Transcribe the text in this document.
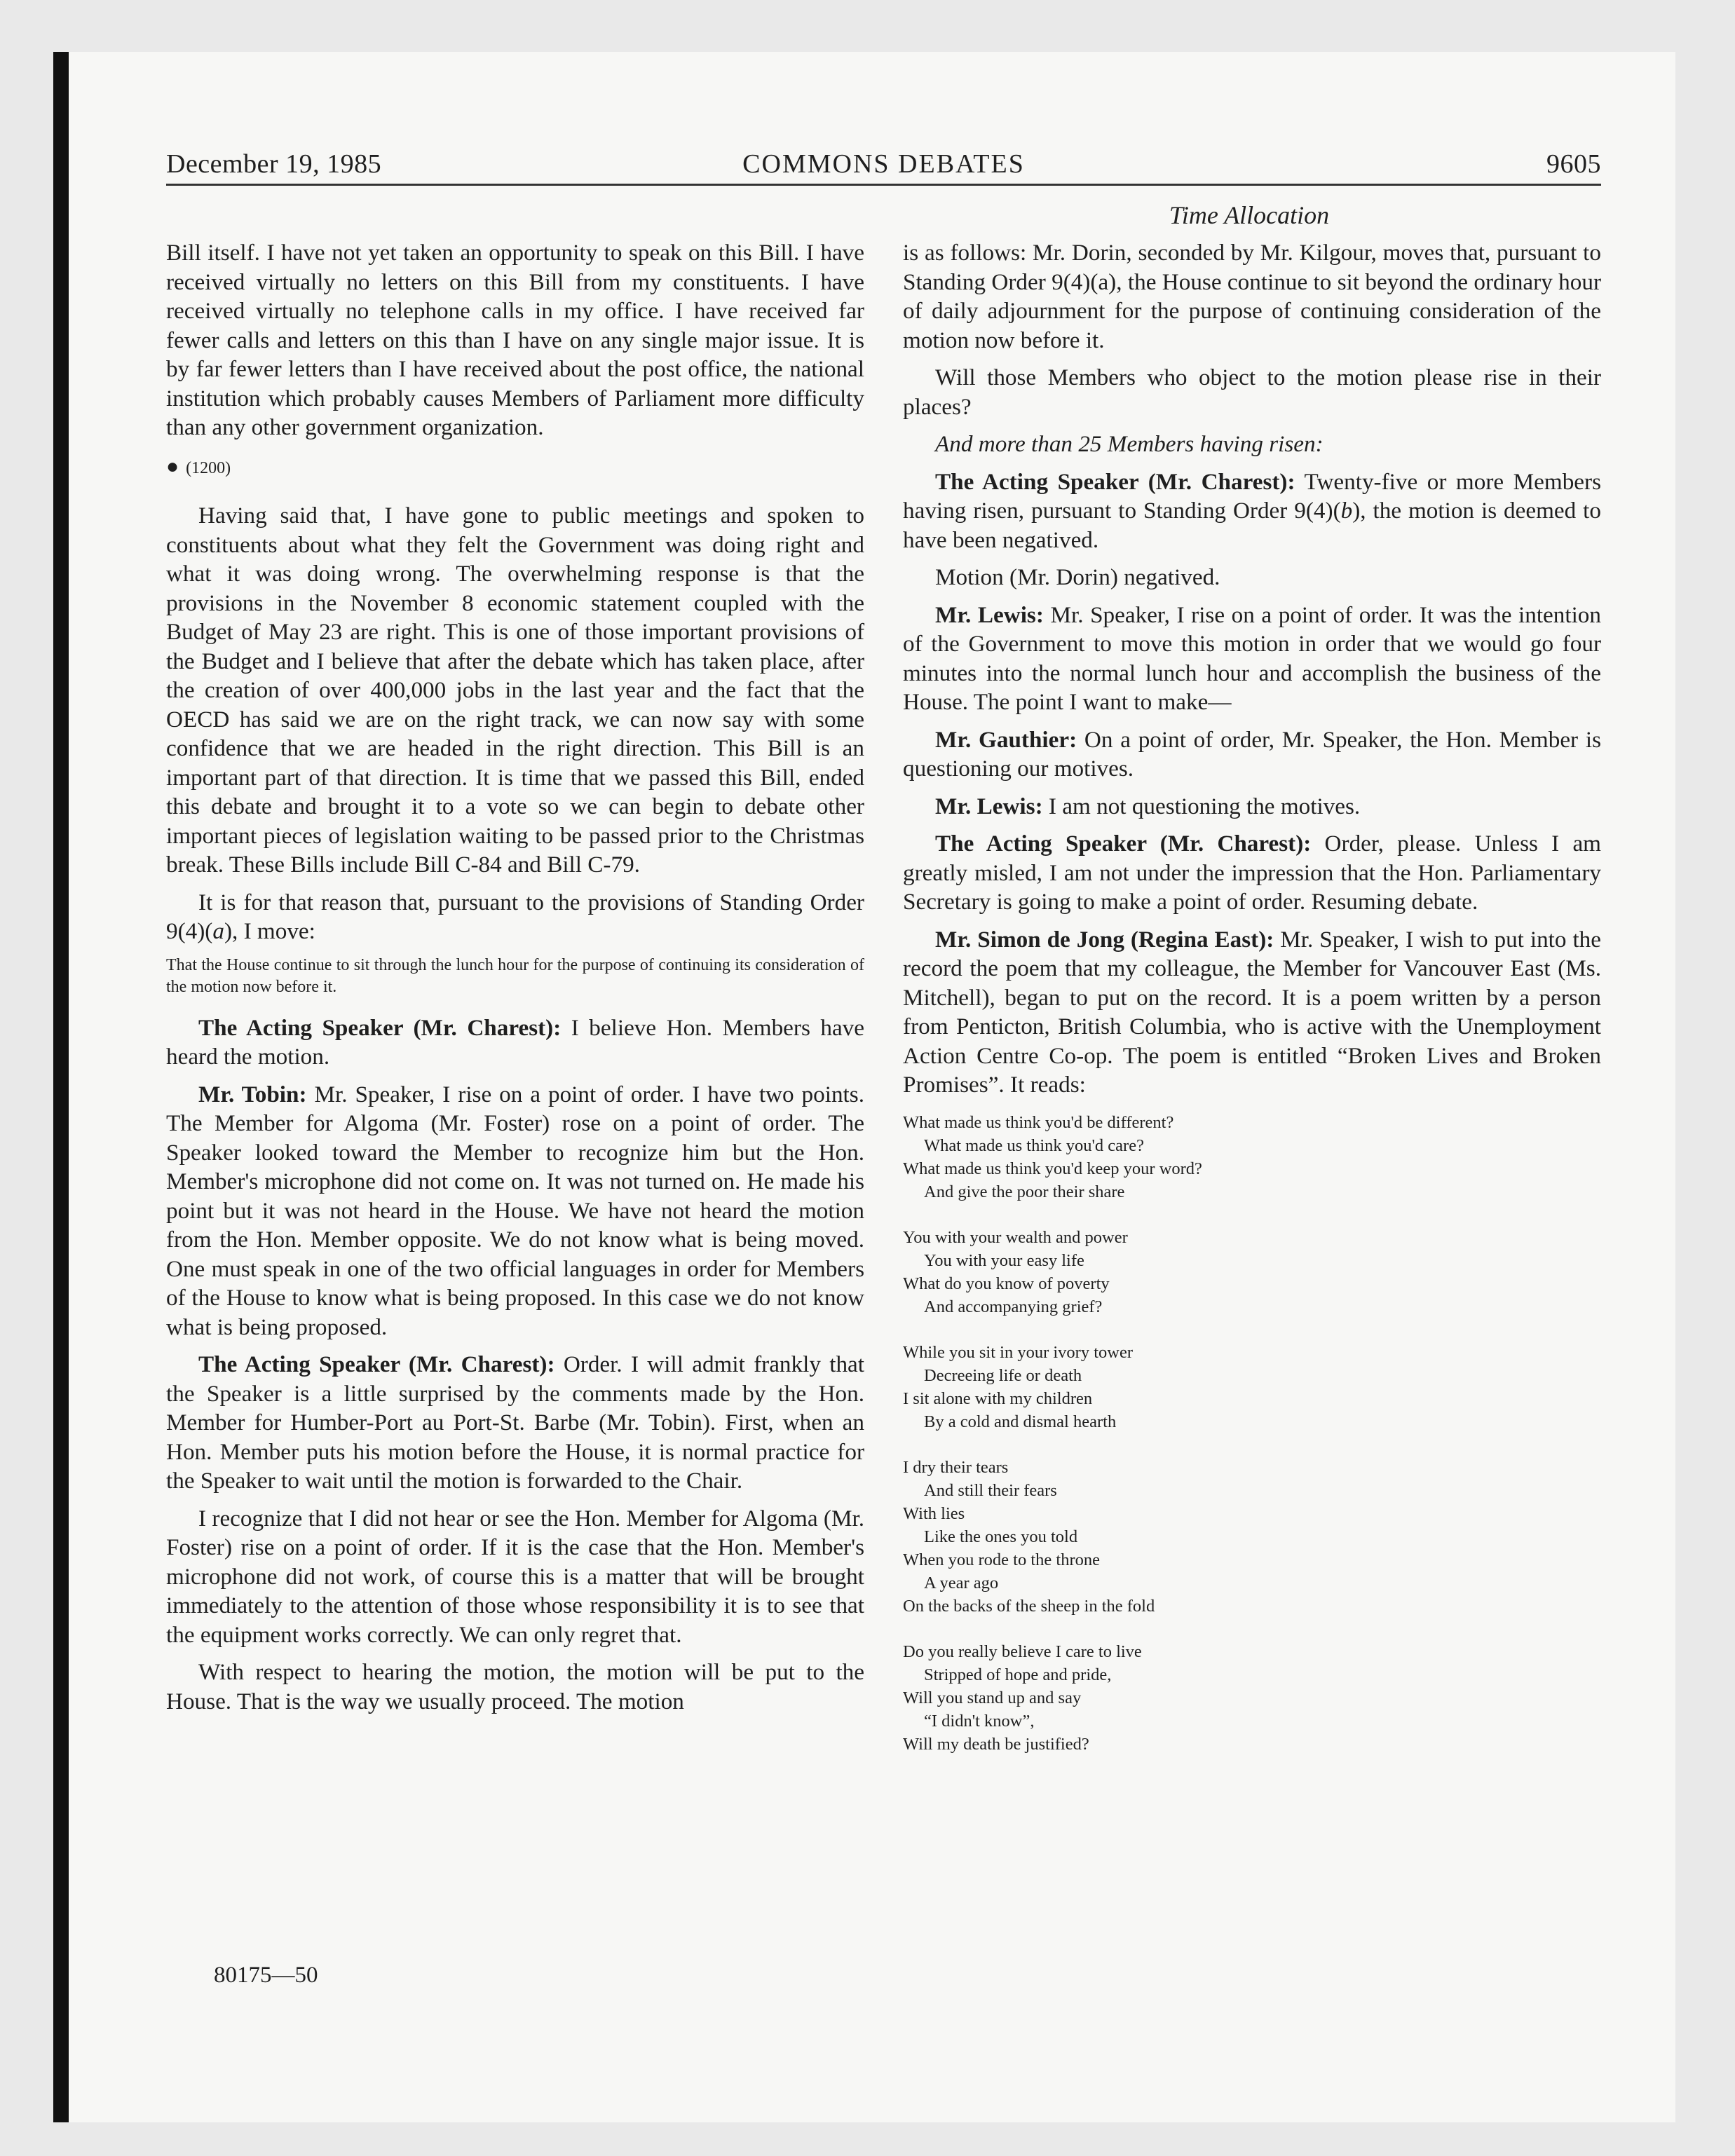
December 19, 1985	COMMONS DEBATES	9605
Time Allocation

Bill itself. I have not yet taken an opportunity to speak on this Bill. I have received virtually no letters on this Bill from my constituents. I have received virtually no telephone calls in my office. I have received far fewer calls and letters on this than I have on any single major issue. It is by far fewer letters than I have received about the post office, the national institution which probably causes Members of Parliament more difficulty than any other government organization.

● (1200)

Having said that, I have gone to public meetings and spoken to constituents about what they felt the Government was doing right and what it was doing wrong. The overwhelming response is that the provisions in the November 8 economic statement coupled with the Budget of May 23 are right. This is one of those important provisions of the Budget and I believe that after the debate which has taken place, after the creation of over 400,000 jobs in the last year and the fact that the OECD has said we are on the right track, we can now say with some confidence that we are headed in the right direction. This Bill is an important part of that direction. It is time that we passed this Bill, ended this debate and brought it to a vote so we can begin to debate other important pieces of legislation waiting to be passed prior to the Christmas break. These Bills include Bill C-84 and Bill C-79.

It is for that reason that, pursuant to the provisions of Standing Order 9(4)(a), I move:

That the House continue to sit through the lunch hour for the purpose of continuing its consideration of the motion now before it.

The Acting Speaker (Mr. Charest): I believe Hon. Members have heard the motion.

Mr. Tobin: Mr. Speaker, I rise on a point of order. I have two points. The Member for Algoma (Mr. Foster) rose on a point of order. The Speaker looked toward the Member to recognize him but the Hon. Member's microphone did not come on. It was not turned on. He made his point but it was not heard in the House. We have not heard the motion from the Hon. Member opposite. We do not know what is being moved. One must speak in one of the two official languages in order for Members of the House to know what is being proposed. In this case we do not know what is being proposed.

The Acting Speaker (Mr. Charest): Order. I will admit frankly that the Speaker is a little surprised by the comments made by the Hon. Member for Humber-Port au Port-St. Barbe (Mr. Tobin). First, when an Hon. Member puts his motion before the House, it is normal practice for the Speaker to wait until the motion is forwarded to the Chair.

I recognize that I did not hear or see the Hon. Member for Algoma (Mr. Foster) rise on a point of order. If it is the case that the Hon. Member's microphone did not work, of course this is a matter that will be brought immediately to the attention of those whose responsibility it is to see that the equipment works correctly. We can only regret that.

With respect to hearing the motion, the motion will be put to the House. That is the way we usually proceed. The motion

is as follows: Mr. Dorin, seconded by Mr. Kilgour, moves that, pursuant to Standing Order 9(4)(a), the House continue to sit beyond the ordinary hour of daily adjournment for the purpose of continuing consideration of the motion now before it.

Will those Members who object to the motion please rise in their places?

And more than 25 Members having risen:

The Acting Speaker (Mr. Charest): Twenty-five or more Members having risen, pursuant to Standing Order 9(4)(b), the motion is deemed to have been negatived.

Motion (Mr. Dorin) negatived.

Mr. Lewis: Mr. Speaker, I rise on a point of order. It was the intention of the Government to move this motion in order that we would go four minutes into the normal lunch hour and accomplish the business of the House. The point I want to make—

Mr. Gauthier: On a point of order, Mr. Speaker, the Hon. Member is questioning our motives.

Mr. Lewis: I am not questioning the motives.

The Acting Speaker (Mr. Charest): Order, please. Unless I am greatly misled, I am not under the impression that the Hon. Parliamentary Secretary is going to make a point of order. Resuming debate.

Mr. Simon de Jong (Regina East): Mr. Speaker, I wish to put into the record the poem that my colleague, the Member for Vancouver East (Ms. Mitchell), began to put on the record. It is a poem written by a person from Penticton, British Columbia, who is active with the Unemployment Action Centre Co-op. The poem is entitled “Broken Lives and Broken Promises”. It reads:

What made us think you'd be different?
What made us think you'd care?
What made us think you'd keep your word?
And give the poor their share
You with your wealth and power
You with your easy life
What do you know of poverty
And accompanying grief?
While you sit in your ivory tower
Decreeing life or death
I sit alone with my children
By a cold and dismal hearth
I dry their tears
And still their fears
With lies
Like the ones you told
When you rode to the throne
A year ago
On the backs of the sheep in the fold
Do you really believe I care to live
Stripped of hope and pride,
Will you stand up and say
“I didn't know”,
Will my death be justified?
80175—50
